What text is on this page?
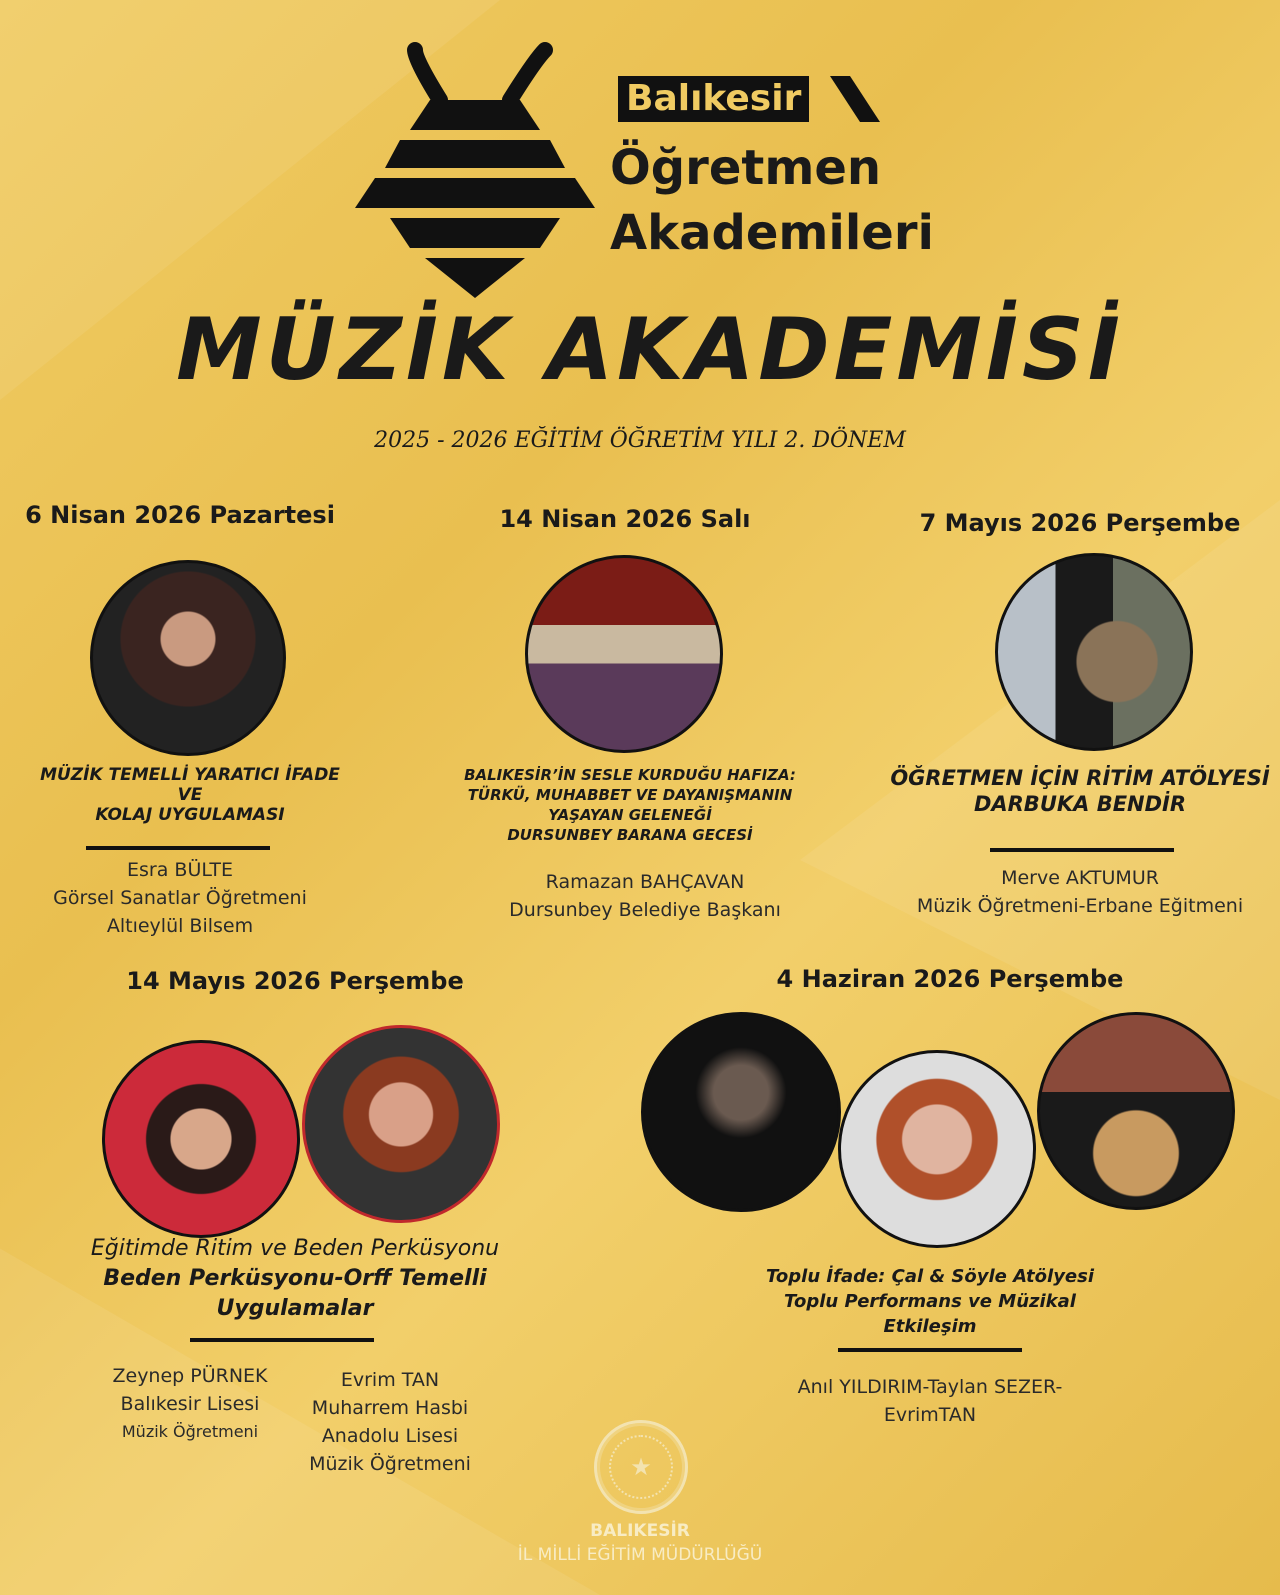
Balıkesir
Öğretmen
Akademileri
MÜZİK AKADEMİSİ
2025 - 2026 EĞİTİM ÖĞRETİM YILI 2. DÖNEM
6 Nisan 2026 Pazartesi
MÜZİK TEMELLİ YARATICI İFADE VE
KOLAJ UYGULAMASI
Esra BÜLTE
Görsel Sanatlar Öğretmeni
Altıeylül Bilsem
14 Nisan 2026 Salı
BALIKESİR’İN SESLE KURDUĞU HAFIZA:
TÜRKÜ, MUHABBET VE DAYANIŞMANIN
YAŞAYAN GELENEĞİ
DURSUNBEY BARANA GECESİ
Ramazan BAHÇAVAN
Dursunbey Belediye Başkanı
7 Mayıs 2026 Perşembe
ÖĞRETMEN İÇİN RİTİM ATÖLYESİ
DARBUKA BENDİR
Merve AKTUMUR
Müzik Öğretmeni-Erbane Eğitmeni
14 Mayıs 2026 Perşembe
Eğitimde Ritim ve Beden Perküsyonu
Beden Perküsyonu-Orff Temelli
Uygulamalar
Zeynep PÜRNEK
Balıkesir Lisesi
Müzik Öğretmeni
Evrim TAN
Muharrem Hasbi
Anadolu Lisesi
Müzik Öğretmeni
4 Haziran 2026 Perşembe
Toplu İfade: Çal & Söyle Atölyesi
Toplu Performans ve Müzikal
Etkileşim
Anıl YILDIRIM-Taylan SEZER-
EvrimTAN
★
BALIKESİR
İL MİLLİ EĞİTİM MÜDÜRLÜĞÜ
